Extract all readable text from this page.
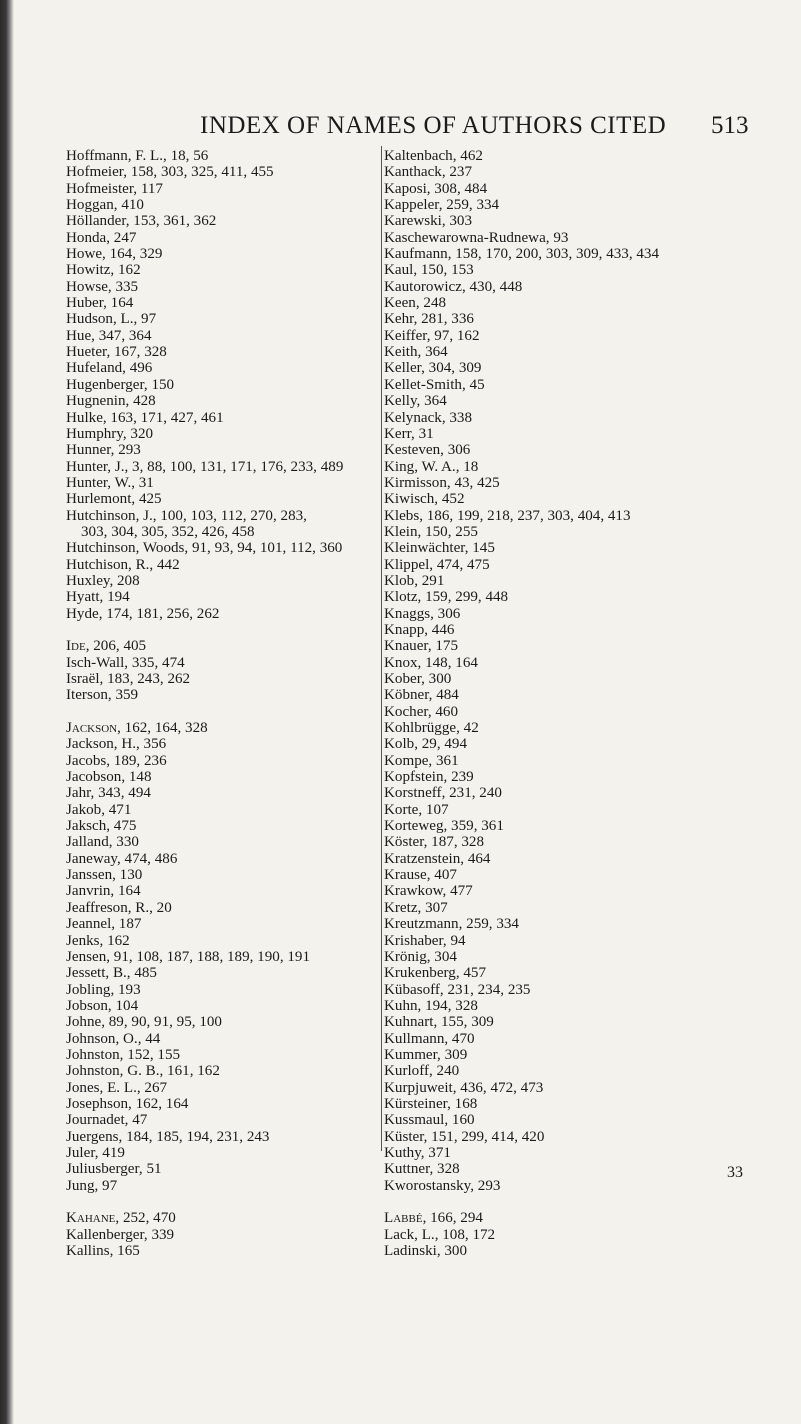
INDEX OF NAMES OF AUTHORS CITED 513
Hoffmann, F. L., 18, 56
Hofmeier, 158, 303, 325, 411, 455
Hofmeister, 117
Hoggan, 410
Höllander, 153, 361, 362
Honda, 247
Howe, 164, 329
Howitz, 162
Howse, 335
Huber, 164
Hudson, L., 97
Hue, 347, 364
Hueter, 167, 328
Hufeland, 496
Hugenberger, 150
Hugnenin, 428
Hulke, 163, 171, 427, 461
Humphry, 320
Hunner, 293
Hunter, J., 3, 88, 100, 131, 171, 176, 233, 489
Hunter, W., 31
Hurlemont, 425
Hutchinson, J., 100, 103, 112, 270, 283,
303, 304, 305, 352, 426, 458
Hutchinson, Woods, 91, 93, 94, 101, 112, 360
Hutchison, R., 442
Huxley, 208
Hyatt, 194
Hyde, 174, 181, 256, 262
Ide, 206, 405
Isch-Wall, 335, 474
Israël, 183, 243, 262
Iterson, 359
Jackson, 162, 164, 328
Jackson, H., 356
Jacobs, 189, 236
Jacobson, 148
Jahr, 343, 494
Jakob, 471
Jaksch, 475
Jalland, 330
Janeway, 474, 486
Janssen, 130
Janvrin, 164
Jeaffreson, R., 20
Jeannel, 187
Jenks, 162
Jensen, 91, 108, 187, 188, 189, 190, 191
Jessett, B., 485
Jobling, 193
Jobson, 104
Johne, 89, 90, 91, 95, 100
Johnson, O., 44
Johnston, 152, 155
Johnston, G. B., 161, 162
Jones, E. L., 267
Josephson, 162, 164
Journadet, 47
Juergens, 184, 185, 194, 231, 243
Juler, 419
Juliusberger, 51
Jung, 97
Kahane, 252, 470
Kallenberger, 339
Kallins, 165
Kaltenbach, 462
Kanthack, 237
Kaposi, 308, 484
Kappeler, 259, 334
Karewski, 303
Kaschewarowna-Rudnewa, 93
Kaufmann, 158, 170, 200, 303, 309, 433, 434
Kaul, 150, 153
Kautorowicz, 430, 448
Keen, 248
Kehr, 281, 336
Keiffer, 97, 162
Keith, 364
Keller, 304, 309
Kellet-Smith, 45
Kelly, 364
Kelynack, 338
Kerr, 31
Kesteven, 306
King, W. A., 18
Kirmisson, 43, 425
Kiwisch, 452
Klebs, 186, 199, 218, 237, 303, 404, 413
Klein, 150, 255
Kleinwächter, 145
Klippel, 474, 475
Klob, 291
Klotz, 159, 299, 448
Knaggs, 306
Knapp, 446
Knauer, 175
Knox, 148, 164
Kober, 300
Köbner, 484
Kocher, 460
Kohlbrügge, 42
Kolb, 29, 494
Kompe, 361
Kopfstein, 239
Korstneff, 231, 240
Korte, 107
Korteweg, 359, 361
Köster, 187, 328
Kratzenstein, 464
Krause, 407
Krawkow, 477
Kretz, 307
Kreutzmann, 259, 334
Krishaber, 94
Krönig, 304
Krukenberg, 457
Kübasoff, 231, 234, 235
Kuhn, 194, 328
Kuhnart, 155, 309
Kullmann, 470
Kummer, 309
Kurloff, 240
Kurpjuweit, 436, 472, 473
Kürsteiner, 168
Kussmaul, 160
Küster, 151, 299, 414, 420
Kuthy, 371
Kuttner, 328
Kworostansky, 293
Labbé, 166, 294
Lack, L., 108, 172
Ladinski, 300
33
